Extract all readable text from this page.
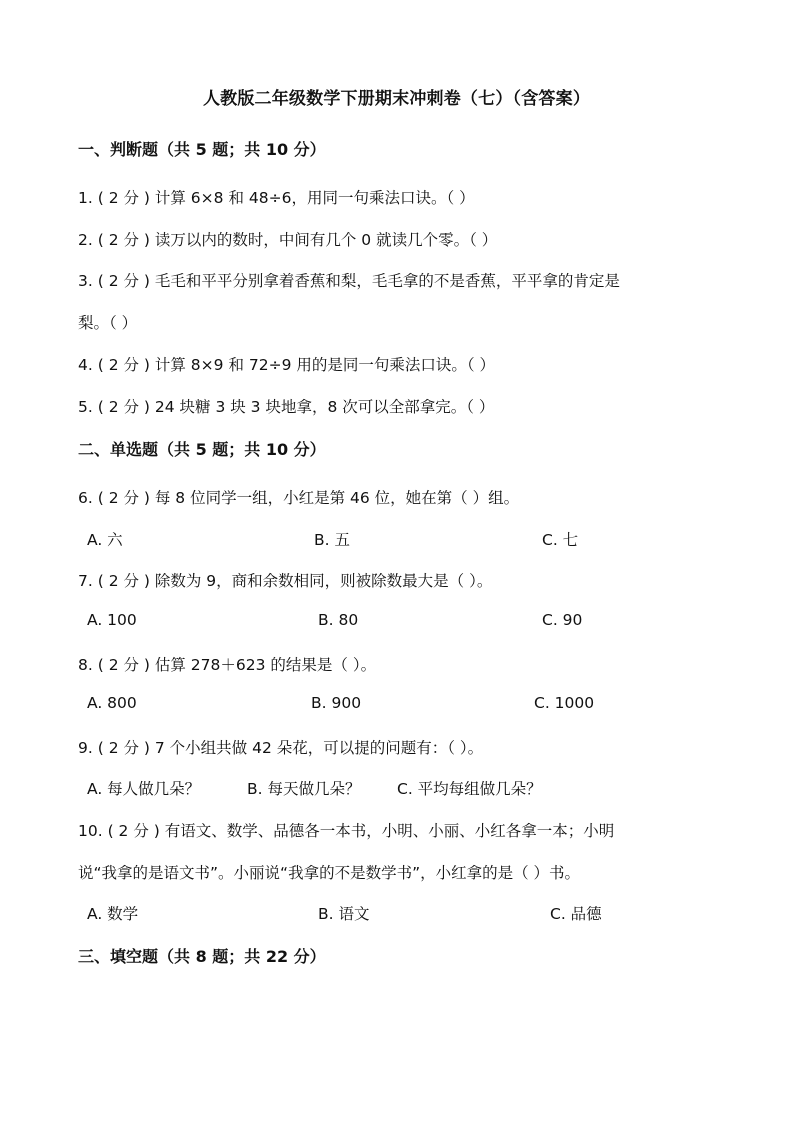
人教版二年级数学下册期末冲刺卷（七）（含答案）
一、判断题（共 5 题；共 10 分）
1. ( 2 分 ) 计算 6×8 和 48÷6，用同一句乘法口诀。（ ）
2. ( 2 分 ) 读万以内的数时，中间有几个 0 就读几个零。（ ）
3. ( 2 分 ) 毛毛和平平分别拿着香蕉和梨，毛毛拿的不是香蕉，平平拿的肯定是
梨。（ ）
4. ( 2 分 ) 计算 8×9 和 72÷9 用的是同一句乘法口诀。（ ）
5. ( 2 分 ) 24 块糖 3 块 3 块地拿，8 次可以全部拿完。（ ）
二、单选题（共 5 题；共 10 分）
6. ( 2 分 ) 每 8 位同学一组，小红是第 46 位，她在第（ ）组。
A. 六	B. 五	C. 七
7. ( 2 分 ) 除数为 9，商和余数相同，则被除数最大是（ ）。
A. 100	B. 80	C. 90
8. ( 2 分 ) 估算 278＋623 的结果是（ ）。
A. 800	B. 900	C. 1000
9. ( 2 分 ) 7 个小组共做 42 朵花，可以提的问题有：（ ）。
A. 每人做几朵？	B. 每天做几朵？ C. 平均每组做几朵？
10. ( 2 分 ) 有语文、数学、品德各一本书，小明、小丽、小红各拿一本；小明
说“我拿的是语文书”。小丽说“我拿的不是数学书”，小红拿的是（ ）书。
A. 数学	B. 语文	C. 品德
三、填空题（共 8 题；共 22 分）
